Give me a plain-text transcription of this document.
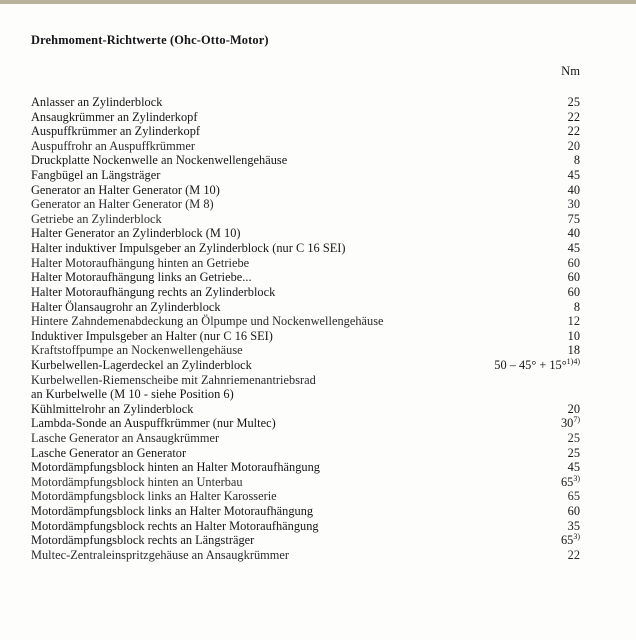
Drehmoment-Richtwerte (Ohc-Otto-Motor)
Nm
Anlasser an Zylinderblock	25
Ansaugkrümmer an Zylinderkopf	22
Auspuffkrümmer an Zylinderkopf	22
Auspuffrohr an Auspuffkrümmer	20
Druckplatte Nockenwelle an Nockenwellengehäuse	8
Fangbügel an Längsträger	45
Generator an Halter Generator (M 10)	40
Generator an Halter Generator (M 8)	30
Getriebe an Zylinderblock	75
Halter Generator an Zylinderblock (M 10)	40
Halter induktiver Impulsgeber an Zylinderblock (nur C 16 SEI)	45
Halter Motoraufhängung hinten an Getriebe	60
Halter Motoraufhängung links an Getriebe...	60
Halter Motoraufhängung rechts an Zylinderblock	60
Halter Ölansaugrohr an Zylinderblock	8
Hintere Zahndemenabdeckung an Ölpumpe und Nockenwellengehäuse	12
Induktiver Impulsgeber an Halter (nur C 16 SEI)	10
Kraftstoffpumpe an Nockenwellengehäuse	18
Kurbelwellen-Lagerdeckel an Zylinderblock	50 – 45° + 15°$^{1)4)}$
Kurbelwellen-Riemenscheibe mit Zahnriemenantriebsrad
an Kurbelwelle (M 10 - siehe Position 6)
Kühlmittelrohr an Zylinderblock	20
Lambda-Sonde an Auspuffkrümmer (nur Multec)	30$^{7)}$
Lasche Generator an Ansaugkrümmer	25
Lasche Generator an Generator	25
Motordämpfungsblock hinten an Halter Motoraufhängung	45
Motordämpfungsblock hinten an Unterbau	65$^{3)}$
Motordämpfungsblock links an Halter Karosserie	65
Motordämpfungsblock links an Halter Motoraufhängung	60
Motordämpfungsblock rechts an Halter Motoraufhängung	35
Motordämpfungsblock rechts an Längsträger	65$^{3)}$
Multec-Zentraleinspritzgehäuse an Ansaugkrümmer	22
